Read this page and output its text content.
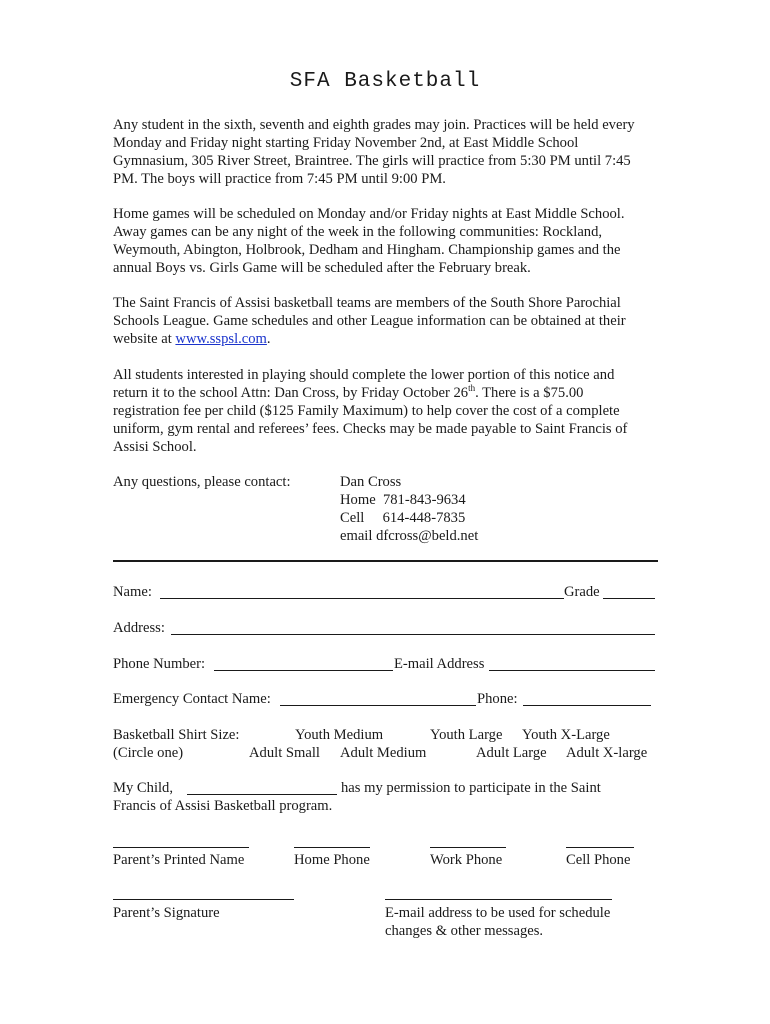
SFA Basketball
Any student in the sixth, seventh and eighth grades may join. Practices will be held every
Monday and Friday night starting Friday November 2nd, at East Middle School
Gymnasium, 305 River Street, Braintree. The girls will practice from 5:30 PM until 7:45
PM. The boys will practice from 7:45 PM until 9:00 PM.
Home games will be scheduled on Monday and/or Friday nights at East Middle School.
Away games can be any night of the week in the following communities: Rockland,
Weymouth, Abington, Holbrook, Dedham and Hingham. Championship games and the
annual Boys vs. Girls Game will be scheduled after the February break.
The Saint Francis of Assisi basketball teams are members of the South Shore Parochial
Schools League. Game schedules and other League information can be obtained at their
website at www.sspsl.com.
All students interested in playing should complete the lower portion of this notice and
return it to the school Attn: Dan Cross, by Friday October 26th. There is a $75.00
registration fee per child ($125 Family Maximum) to help cover the cost of a complete
uniform, gym rental and referees’ fees. Checks may be made payable to Saint Francis of
Assisi School.
Any questions, please contact:	Dan Cross
Home  781-843-9634
Cell     614-448-7835
email dfcross@beld.net
Name:	Grade
Address:
Phone Number:	E-mail Address
Emergency Contact Name:	Phone:
Basketball Shirt Size:	Youth Medium	Youth Large Youth X-Large
(Circle one)	Adult Small Adult Medium	Adult Large Adult X-large
My Child,	has my permission to participate in the Saint
Francis of Assisi Basketball program.
Parent’s Printed Name	Home Phone	Work Phone	Cell Phone
Parent’s Signature	E-mail address to be used for schedule
changes & other messages.
